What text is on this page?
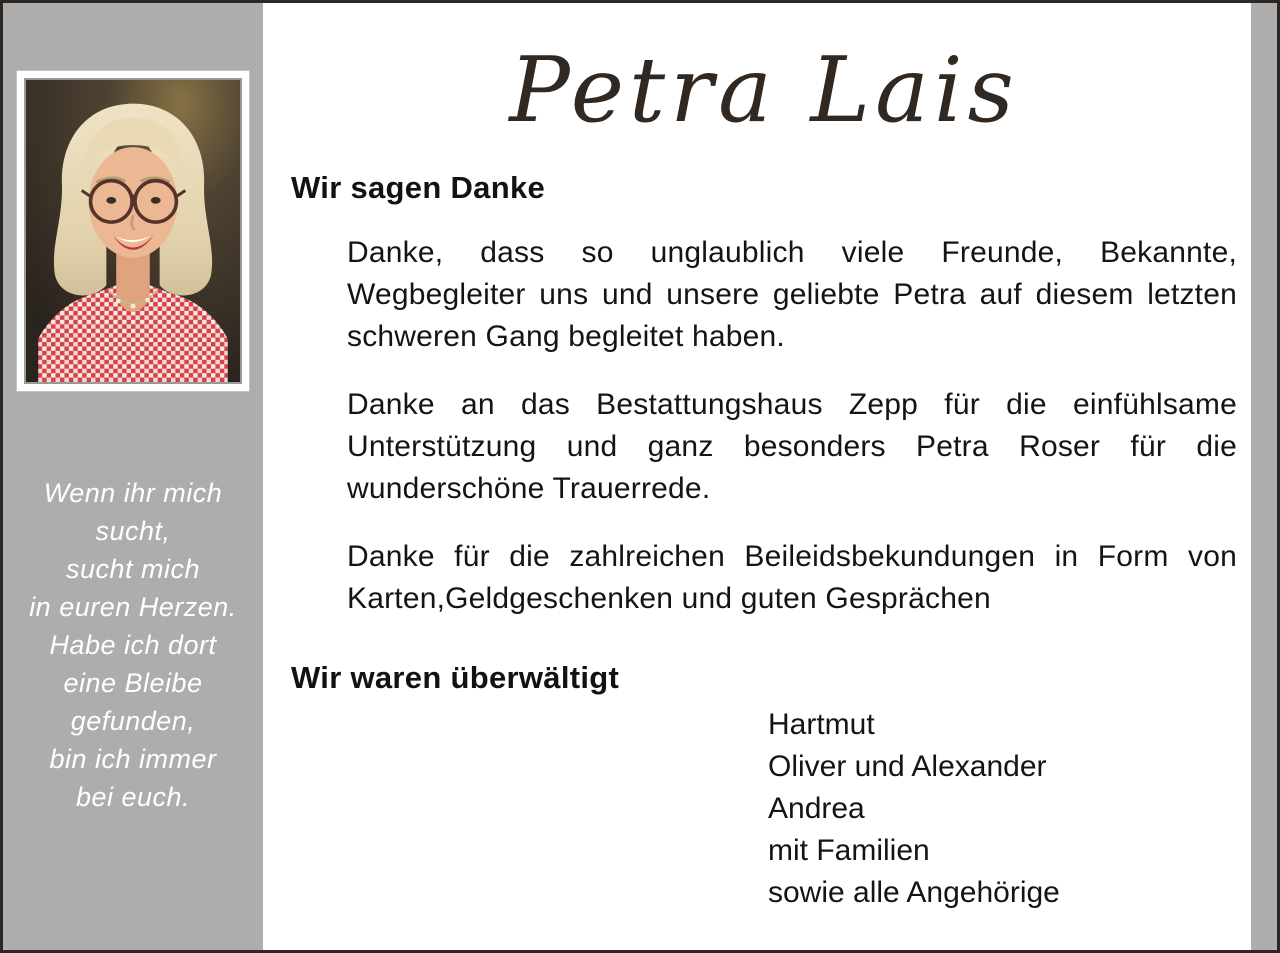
Wenn ihr mich
sucht,
sucht mich
in euren Herzen.
Habe ich dort
eine Bleibe
gefunden,
bin ich immer
bei euch.
Petra Lais
Wir sagen Danke

Danke, dass so unglaublich viele Freunde, Bekannte, Wegbegleiter uns und unsere geliebte Petra auf diesem letzten schweren Gang begleitet haben.

Danke an das Bestattungshaus Zepp für die einfühlsame Unterstützung und ganz besonders Petra Roser für die wunderschöne Trauerrede.

Danke für die zahlreichen Beileidsbekundungen in Form von Karten,Geldgeschenken und guten Gesprächen

Wir waren überwältigt
Hartmut
Oliver und Alexander
Andrea
mit Familien
sowie alle Angehörige
